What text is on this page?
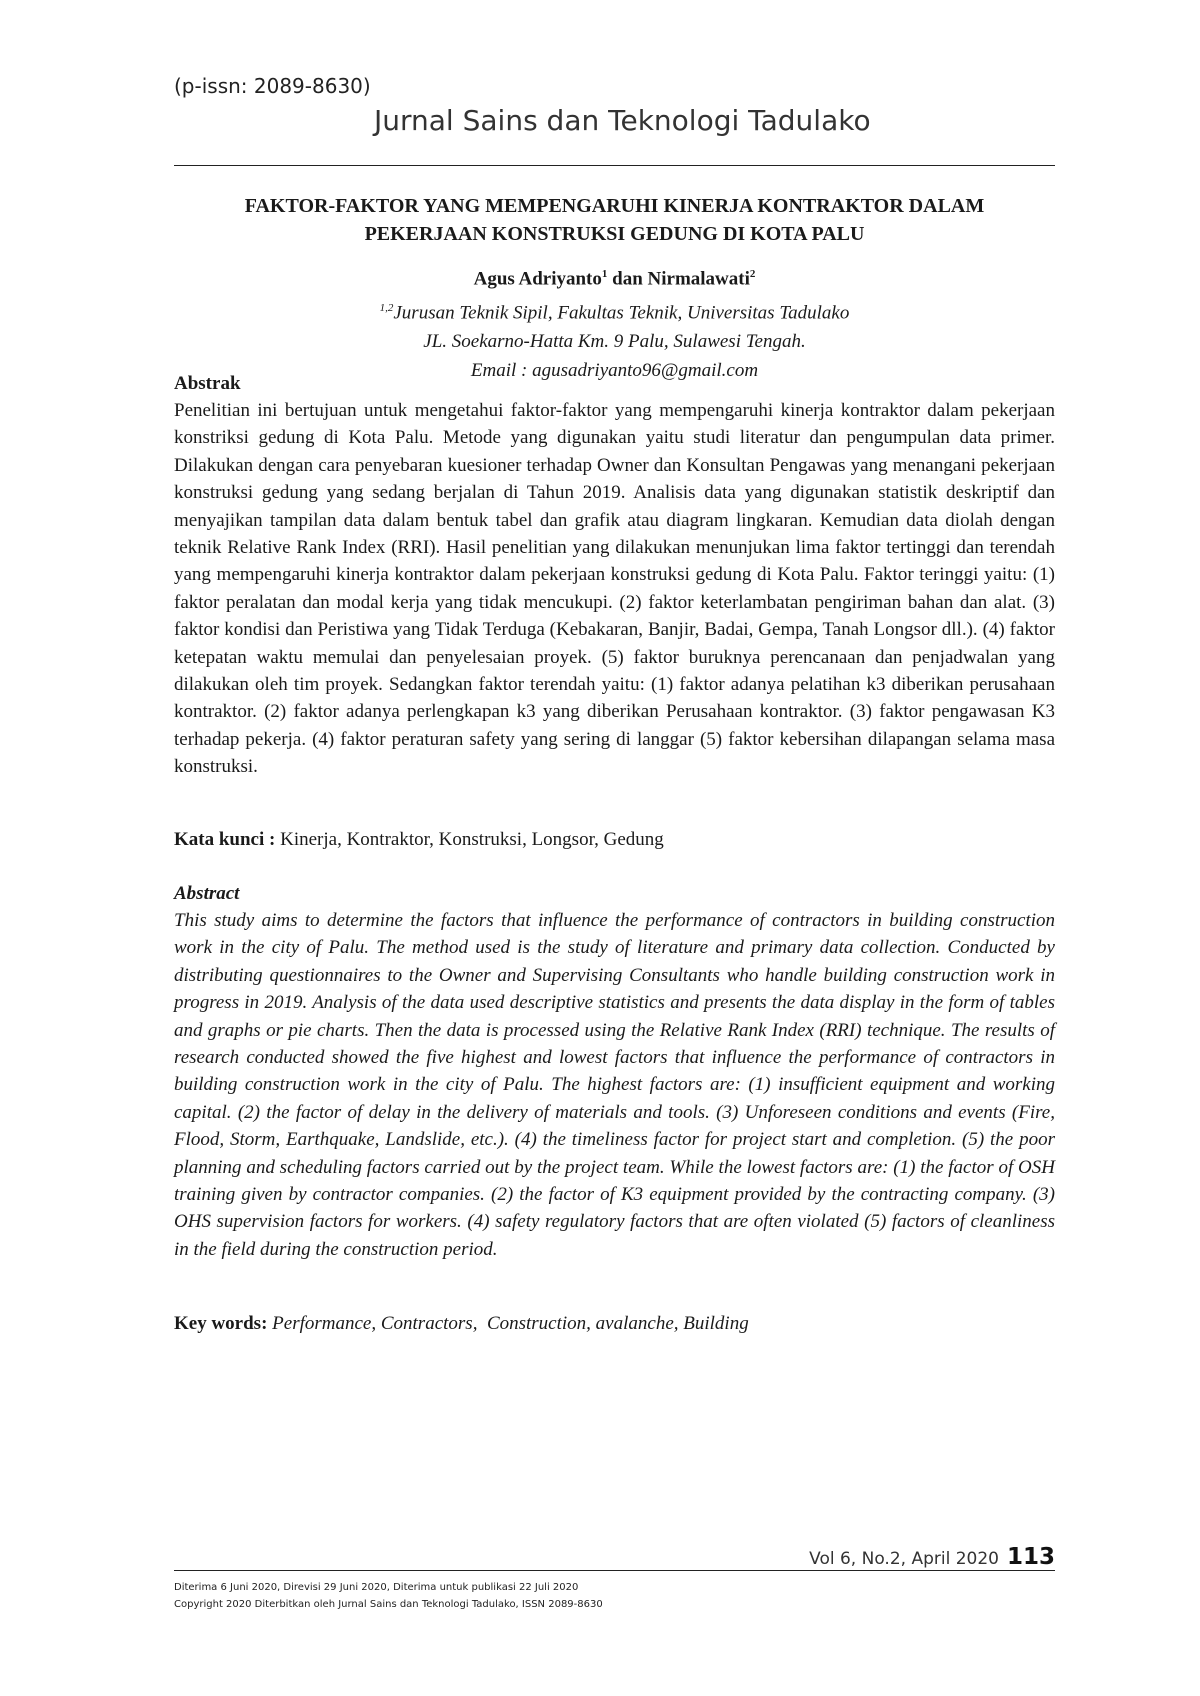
(p-issn: 2089-8630)
Jurnal Sains dan Teknologi Tadulako
FAKTOR-FAKTOR YANG MEMPENGARUHI KINERJA KONTRAKTOR DALAM
PEKERJAAN KONSTRUKSI GEDUNG DI KOTA PALU
Agus Adriyanto$^1$ dan Nirmalawati$^2$
$^{1,2}$Jurusan Teknik Sipil, Fakultas Teknik, Universitas Tadulako
JL. Soekarno-Hatta Km. 9 Palu, Sulawesi Tengah.
Email : agusadriyanto96@gmail.com
Abstrak

Penelitian ini bertujuan untuk mengetahui faktor-faktor yang mempengaruhi kinerja kontraktor dalam pekerjaan konstriksi gedung di Kota Palu. Metode yang digunakan yaitu studi literatur dan pengumpulan data primer. Dilakukan dengan cara penyebaran kuesioner terhadap Owner dan Konsultan Pengawas yang menangani pekerjaan konstruksi gedung yang sedang berjalan di Tahun 2019. Analisis data yang digunakan statistik deskriptif dan menyajikan tampilan data dalam bentuk tabel dan grafik atau diagram lingkaran. Kemudian data diolah dengan teknik Relative Rank Index (RRI). Hasil penelitian yang dilakukan menunjukan lima faktor tertinggi dan terendah yang mempengaruhi kinerja kontraktor dalam pekerjaan konstruksi gedung di Kota Palu. Faktor teringgi yaitu: (1) faktor peralatan dan modal kerja yang tidak mencukupi. (2) faktor keterlambatan pengiriman bahan dan alat. (3) faktor kondisi dan Peristiwa yang Tidak Terduga (Kebakaran, Banjir, Badai, Gempa, Tanah Longsor dll.). (4) faktor ketepatan waktu memulai dan penyelesaian proyek. (5) faktor buruknya perencanaan dan penjadwalan yang dilakukan oleh tim proyek. Sedangkan faktor terendah yaitu: (1) faktor adanya pelatihan k3 diberikan perusahaan kontraktor. (2) faktor adanya perlengkapan k3 yang diberikan Perusahaan kontraktor. (3) faktor pengawasan K3 terhadap pekerja. (4) faktor peraturan safety yang sering di langgar (5) faktor kebersihan dilapangan selama masa konstruksi.

Kata kunci : Kinerja, Kontraktor, Konstruksi, Longsor, Gedung
Abstract

This study aims to determine the factors that influence the performance of contractors in building construction work in the city of Palu. The method used is the study of literature and primary data collection. Conducted by distributing questionnaires to the Owner and Supervising Consultants who handle building construction work in progress in 2019. Analysis of the data used descriptive statistics and presents the data display in the form of tables and graphs or pie charts. Then the data is processed using the Relative Rank Index (RRI) technique. The results of research conducted showed the five highest and lowest factors that influence the performance of contractors in building construction work in the city of Palu. The highest factors are: (1) insufficient equipment and working capital. (2) the factor of delay in the delivery of materials and tools. (3) Unforeseen conditions and events (Fire, Flood, Storm, Earthquake, Landslide, etc.). (4) the timeliness factor for project start and completion. (5) the poor planning and scheduling factors carried out by the project team. While the lowest factors are: (1) the factor of OSH training given by contractor companies. (2) the factor of K3 equipment provided by the contracting company. (3) OHS supervision factors for workers. (4) safety regulatory factors that are often violated (5) factors of cleanliness in the field during the construction period.

Key words: Performance, Contractors,  Construction, avalanche, Building
Vol 6, No.2, April 2020 113
Diterima 6 Juni 2020, Direvisi 29 Juni 2020, Diterima untuk publikasi 22 Juli 2020
Copyright 2020 Diterbitkan oleh Jurnal Sains dan Teknologi Tadulako, ISSN 2089-8630
